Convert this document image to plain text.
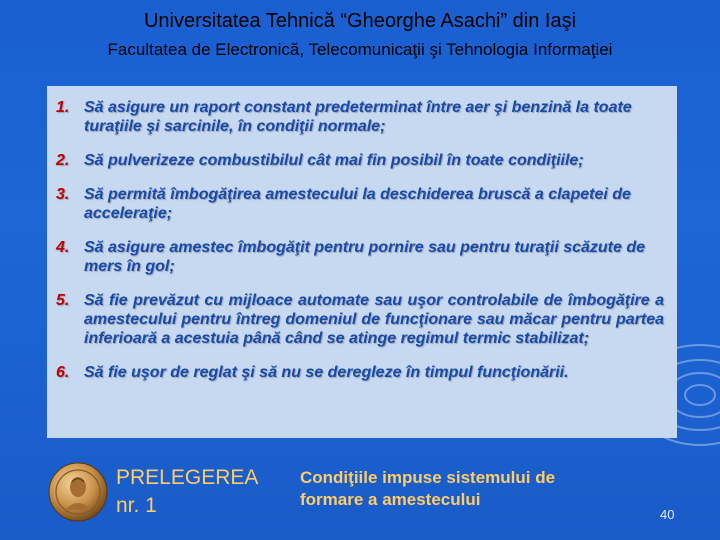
Universitatea Tehnică “Gheorghe Asachi” din Iaşi
Facultatea de Electronică, Telecomunicaţii şi Tehnologia Informaţiei
1. Să asigure un raport constant predeterminat între aer şi benzină la toate turaţiile şi sarcinile, în condiţii normale;
2. Să pulverizeze combustibilul cât mai fin posibil în toate condiţiile;
3. Să permită îmbogăţirea amestecului la deschiderea bruscă a clapetei de acceleraţie;
4. Să asigure amestec îmbogăţit pentru pornire sau pentru turaţii scăzute de mers în gol;
5. Să fie prevăzut cu mijloace automate sau uşor controlabile de îmbogăţire a amestecului pentru întreg domeniul de funcţionare sau măcar pentru partea inferioară a acestuia până când se atinge regimul termic stabilizat;
6. Să fie uşor de reglat şi să nu se deregleze în timpul funcţionării.
PRELEGEREA
nr. 1
Condiţiile impuse sistemului de
formare a amestecului
40
